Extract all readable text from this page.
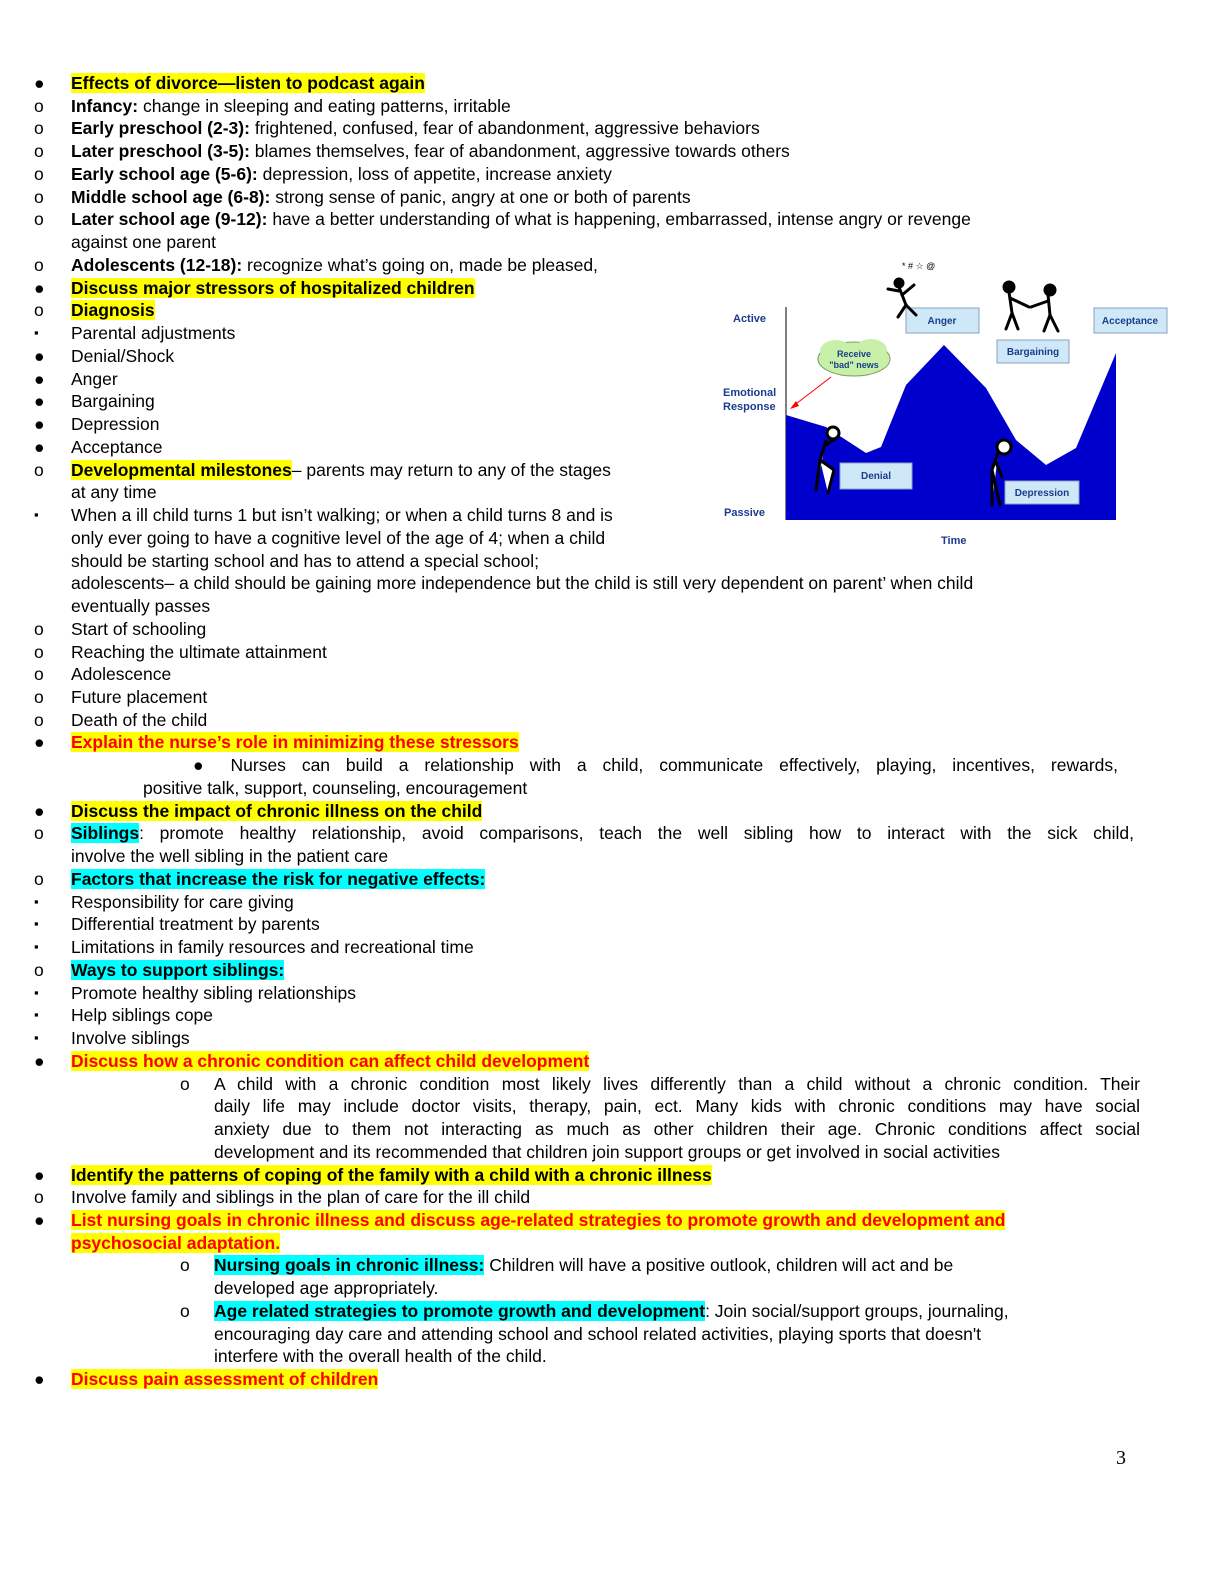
●	Effects of divorce—listen to podcast again
o	Infancy: change in sleeping and eating patterns, irritable
o	Early preschool (2-3): frightened, confused, fear of abandonment, aggressive behaviors
o	Later preschool (3-5): blames themselves, fear of abandonment, aggressive towards others
o	Early school age (5-6): depression, loss of appetite, increase anxiety
o	Middle school age (6-8): strong sense of panic, angry at one or both of parents
o	Later school age (9-12): have a better understanding of what is happening, embarrassed, intense angry or revenge
against one parent
o	Adolescents (12-18): recognize what’s going on, made be pleased,
●	Discuss major stressors of hospitalized children
o	Diagnosis
▪	Parental adjustments
●	Denial/Shock
●	Anger
●	Bargaining
●	Depression
●	Acceptance
o	Developmental milestones– parents may return to any of the stages
at any time
▪	When a ill child turns 1 but isn’t walking; or when a child turns 8 and is
only ever going to have a cognitive level of the age of 4; when a child
should be starting school and has to attend a special school;
adolescents– a child should be gaining more independence but the child is still very dependent on parent’ when child
eventually passes
o	Start of schooling
o	Reaching the ultimate attainment
o	Adolescence
o	Future placement
o	Death of the child
●	Explain the nurse’s role in minimizing these stressors
● Nurses can build a relationship with a child, communicate effectively, playing, incentives, rewards,
positive talk, support, counseling, encouragement
●	Discuss the impact of chronic illness on the child
o	Siblings: promote healthy relationship, avoid comparisons, teach the well sibling how to interact with the sick child,
involve the well sibling in the patient care
o	Factors that increase the risk for negative effects:
▪	Responsibility for care giving
▪	Differential treatment by parents
▪	Limitations in family resources and recreational time
o	Ways to support siblings:
▪	Promote healthy sibling relationships
▪	Help siblings cope
▪	Involve siblings
●	Discuss how a chronic condition can affect child development
o	A child with a chronic condition most likely lives differently than a child without a chronic condition. Their
daily life may include doctor visits, therapy, pain, ect. Many kids with chronic conditions may have social
anxiety due to them not interacting as much as other children their age. Chronic conditions affect social
development and its recommended that children join support groups or get involved in social activities
●	Identify the patterns of coping of the family with a child with a chronic illness
o	Involve family and siblings in the plan of care for the ill child
●	List nursing goals in chronic illness and discuss age-related strategies to promote growth and development and
psychosocial adaptation.
o	Nursing goals in chronic illness: Children will have a positive outlook, children will act and be
developed age appropriately.
o	Age related strategies to promote growth and development: Join social/support groups, journaling,
encouraging day care and attending school and school related activities, playing sports that doesn't
interfere with the overall health of the child.
●	Discuss pain assessment of children
Active
Emotional
Response
Passive
Time
Receive
"bad" news
Anger
Bargaining
Acceptance
Denial
Depression
* # ☆ @
3
